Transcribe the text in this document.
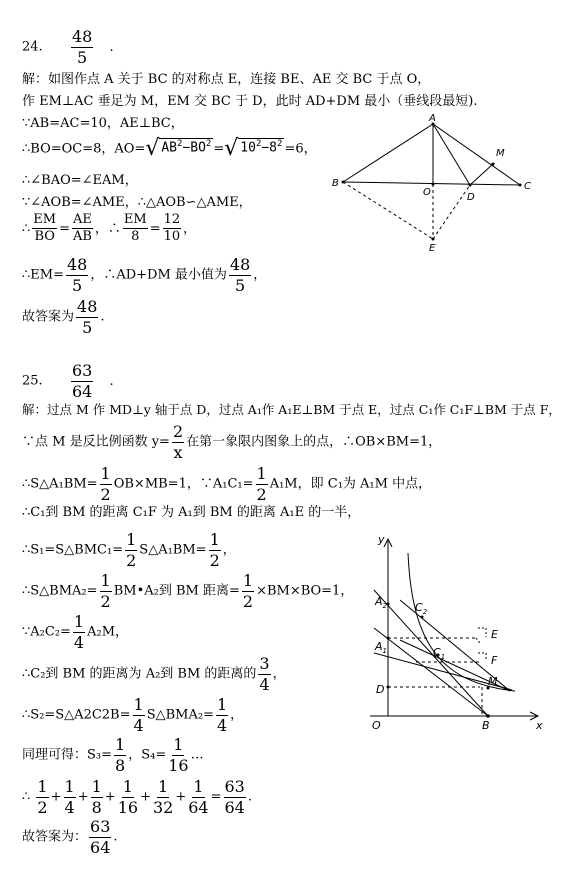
24. $\frac{48}{5}$ .
解：如图作点 A 关于 BC 的对称点 E，连接 BE、AE 交 BC 于点 O，
作 EM⊥AC 垂足为 M，EM 交 BC 于 D，此时 AD+DM 最小（垂线段最短).
∵AB=AC=10，AE⊥BC，
∴BO=OC=8，AO= √ $AB^2-BO^2$ = √ $10^2-8^2 =6$，
∴∠BAO=∠EAM，
∵∠AOB=∠AME，∴△AOB∽△AME，
∴ $\frac{EM}{BO} = \frac{AE}{AB}$ ，∴ $\frac{EM}{8} = \frac{12}{10}$ ，
∴EM= $\frac{48}{5}$ ，∴AD+DM 最小值为 $\frac{48}{5}$ ，
故答案为 $\frac{48}{5}$ .
A
B	C
O	D
M
E
25. $\frac{63}{64}$ .
解：过点 M 作 MD⊥y 轴于点 D，过点 A₁作 A₁E⊥BM 于点 E，过点 C₁作 C₁F⊥BM 于点 F，
∵点 M 是反比例函数 $y= \frac{2}{x}$ 在第一象限内图象上的点，∴OB×BM=1，
∴S△A₁BM= $\frac{1}{2} OB\times MB=1$，∵A₁C₁= $\frac{1}{2} A_1M$，即 C₁为 A₁M 中点，
∴C₁到 BM 的距离 C₁F 为 A₁到 BM 的距离 A₁E 的一半，
∴S₁=S△BMC₁= $\frac{1}{2}$ S△A₁BM= $\frac{1}{2}$ ，
∴S△BMA₂= $\frac{1}{2}$ BM•A₂到 BM 距离= $\frac{1}{2} \times BM\times BO=1$，
∵A₂C₂= $\frac{1}{4} A_2M$，
∴C₂到 BM 的距离为 A₂到 BM 的距离的 $\frac{3}{4}$ ，
∴S₂=S△A2C2B= $\frac{1}{4}$ S△BMA₂= $\frac{1}{4}$ ，
同理可得：$S_3= \frac{1}{8}$ ，$S_4= \frac{1}{16}$ …
∴ $\frac{1}{2} + \frac{1}{4} + \frac{1}{8} + \frac{1}{16} + \frac{1}{32} + \frac{1}{64} = \frac{63}{64}$ .
故答案为： $\frac{63}{64}$ .
y
x
O	B
$A_2$
$A_1$
D
$C_2$
$C_1$
E
F
M
